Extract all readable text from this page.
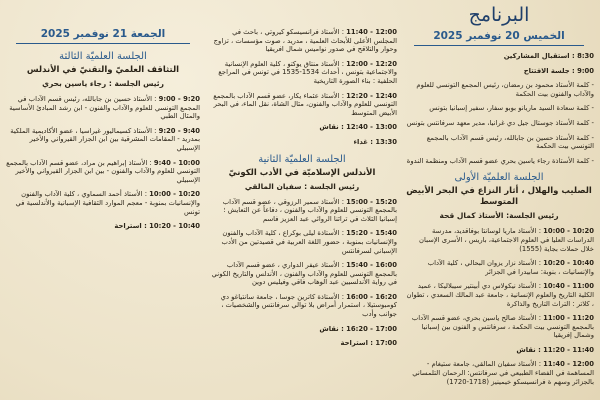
البرنامج
الخميس 20 نوفمبر 2025
8:30 : استقبال المشاركين
9:00 : جلسة الافتتاح
- كلمة الأستاذ محمود بن رمضان، رئيس المجمع التونسي للعلوم والآداب والفنون بيت الحكمة
- كلمة سعادة السيد ماريانو بوبو سفار، سفير إسبانيا بتونس
- كلمة الأستاذ جوستال جيل دي غرانيا، مدير معهد سرفانتس بتونس
- كلمة الأستاذ حسين بن جابالله، رئيس قسم الآداب بالمجمع التونسي بيت الحكمة
- كلمة الأستاذة رجاء ياسين بحري عضو قسم الآداب ومنظمة الندوة
الجلسة العلميّة الأولى
الصليب والهلال ، أثار النزاع في البحر الأبيض المتوسط
رئيس الجلسة: الأستاذ كمال قحة
10:00 - 10:20 : الأستاذ ماريا لوسانتا بوفاقديد، مدرسة الدراسات العليا في العلوم الاجتماعية، باريس ، الأسرى الإسبان خلال حملات بجاية (1555)
10:20 - 10:40 : الأستاذ نزار يزوان البحالي ، كلية الآداب والإنسانيات ، بنوبة: سابيدرا في الجزائر
10:40 - 11:00 : الأستاذ نيكولاس دي أبينتير سيبلاليكا ، عميد الكلية التاريخ والعلوم الإنسانية ، جامعة عبد المالك السعدي ، تطوان ، كلاتر : التراث التاريخ والذاكرة
11:00 - 11:20 : الأستاذ صالح ياسين بحري، عضو قسم الآداب بالمجمع التونسي بيت الحكمة ، سرفانتس و الفنون بين إسبانيا وشمال إفريقيا
11:20 - 11:40 : نقاش
11:40 - 12:00 : الأستاذ سفيان المالقي، جامعة ستيغام - المساهمة في الفضاء الطبيعي في سرفانتس: الرحمان التلمساني بالجزائر وسهم ة فرانسيسكو خيمينيز (1718-1720)
11:40 - 12:00 : الأستاذ فرانسيسكو كيروتي ، باحث في المجلس الأعلى للأبحاث العلمية ، مدريد ، صوت مؤسسات ، تزاوج وحوار والتلاقح في صدور نواميس شمال افريقيا
12:00 - 12:20 : الأستاذ منتاق يوكتو ، كلية العلوم الإنسانية والاجتماعية بتونس ، أحداث 1534-1535 في تونس في المراجع الحلفية : بناء الصورة التاريخية
12:20 - 12:40 : الأستاذ عثماء يكار، عضو قسم الآداب بالمجمع التونسي للعلوم والآداب والفنون، مثال الشاة، نقل الماء، في البحر الأبيض المتوسط
12:40 - 13:00 : نقاش
13:30 : غداء
الجلسة العلميّة الثانية
الأندلس الإسلاميّة في الأدب الكونيّ
رئيس الجلسة : سفيان المالقي
15:00 - 15:20 : الأستاذ سمير الرزوقي ، عضو قسم الآداب بالمجمع التونسي للعلوم والآداب والفنون ، دفاعاً عن التعايش ؛ إسبانيا الثلاث في تراثنا الروائي عبد العزيز فاسم
15:20 - 15:40 : الأستاذة ليلى بوكراع ، كلية الآداب والفنون والإنسانيات بمنوبة ، حضور اللغة العربية في قصيدتين من الأدب الإسباني لسرفانتس
15:40 - 16:00 : الأستاذ عيفر الدواري ، عضو قسم الآداب بالمجمع التونسي للعلوم والآداب والفنون ، الأندلس والتاريخ الكوني في رواية الأندلسيين عبد الوهاب فاقي وفيليس دوين
16:00 - 16:20 : الأستاذة كاترين جوسا ، جامعة سانتياغو دي كومبوستيلا ، استمرار أمراض بلا توالي سرفانتس والشخصيات ، جوانب وأدب
16:20 - 17:00 : نقاش
17:00 : استراحة
الجمعة 21 نوفمبر 2025
الجلسة العلميّة الثالثة
التثاقف العلميّ والتقنيّ في الأندلس
رئيس الجلسة : رجاء ياسين بحري
9:00 - 9:20 : الأستاذ حسين بن جابالله، رئيس قسم الآداب في المجمع التونسي للعلوم والآداب والفنون - ابن رشد المبادئ الأساسية والمثال الطبي
9:20 - 9:40 : الأستاذ كسيماليور غيراسيا ، عضو الأكاديمية الملكية بمدريد - المقامات المشرقية بين ابن الجزار القيرواني والأخير الإسبيلي
9:40 - 10:00 : الأستاذ إبراهيم بن مراد، عضو قسم الآداب بالمجمع التونسي للعلوم والآداب والفنون - بين ابن الجزار القيرواني والأخير الإسبيلي
10:00 - 10:20 : الأستاذ أحمد السماوي ، كلية الآداب والفنون والإنسانيات بمنوبة - معجم الموارد الثقافية الإسبانية والأندلسية في تونس
10:20 - 10:40 : استراحة
